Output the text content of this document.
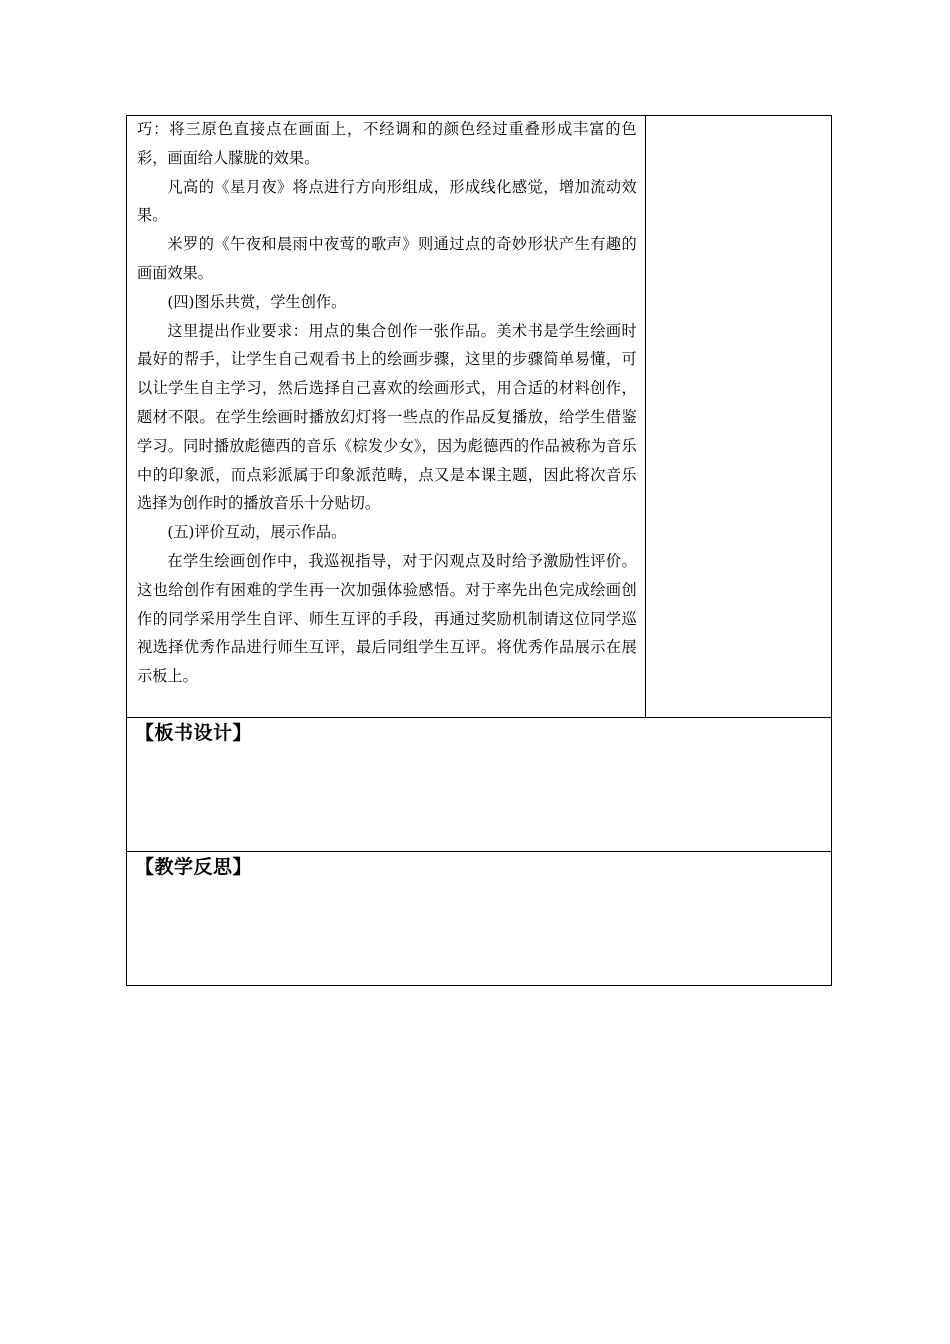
巧：将三原色直接点在画面上，不经调和的颜色经过重叠形成丰富的色彩，画面给人朦胧的效果。

凡高的《星月夜》将点进行方向形组成，形成线化感觉，增加流动效果。

米罗的《午夜和晨雨中夜莺的歌声》则通过点的奇妙形状产生有趣的画面效果。

(四)图乐共赏，学生创作。

这里提出作业要求：用点的集合创作一张作品。美术书是学生绘画时最好的帮手，让学生自己观看书上的绘画步骤，这里的步骤简单易懂，可以让学生自主学习，然后选择自己喜欢的绘画形式，用合适的材料创作，题材不限。在学生绘画时播放幻灯将一些点的作品反复播放，给学生借鉴学习。同时播放彪德西的音乐《棕发少女》，因为彪德西的作品被称为音乐中的印象派，而点彩派属于印象派范畴，点又是本课主题，因此将次音乐选择为创作时的播放音乐十分贴切。

(五)评价互动，展示作品。

在学生绘画创作中，我巡视指导，对于闪观点及时给予激励性评价。这也给创作有困难的学生再一次加强体验感悟。对于率先出色完成绘画创作的同学采用学生自评、师生互评的手段，再通过奖励机制请这位同学巡视选择优秀作品进行师生互评，最后同组学生互评。将优秀作品展示在展示板上。

【板书设计】

【教学反思】
